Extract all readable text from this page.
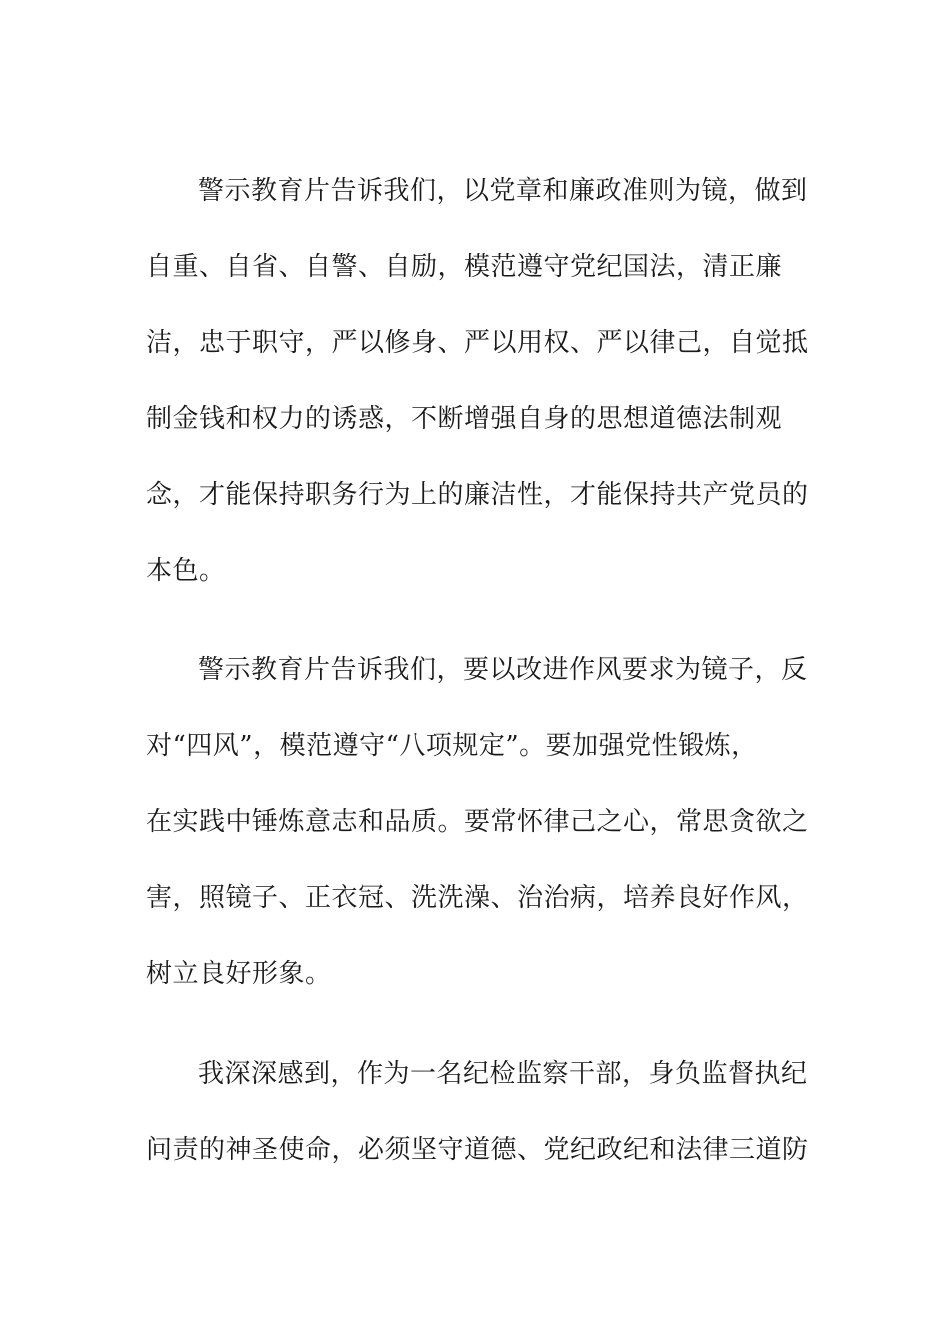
警示教育片告诉我们，以党章和廉政准则为镜，做到
自重、自省、自警、自励，模范遵守党纪国法，清正廉
洁，忠于职守，严以修身、严以用权、严以律己，自觉抵
制金钱和权力的诱惑，不断增强自身的思想道德法制观
念，才能保持职务行为上的廉洁性，才能保持共产党员的
本色。
警示教育片告诉我们，要以改进作风要求为镜子，反
对“四风”，模范遵守“八项规定”。要加强党性锻炼，
在实践中锤炼意志和品质。要常怀律己之心，常思贪欲之
害，照镜子、正衣冠、洗洗澡、治治病，培养良好作风，
树立良好形象。
我深深感到，作为一名纪检监察干部，身负监督执纪
问责的神圣使命，必须坚守道德、党纪政纪和法律三道防
